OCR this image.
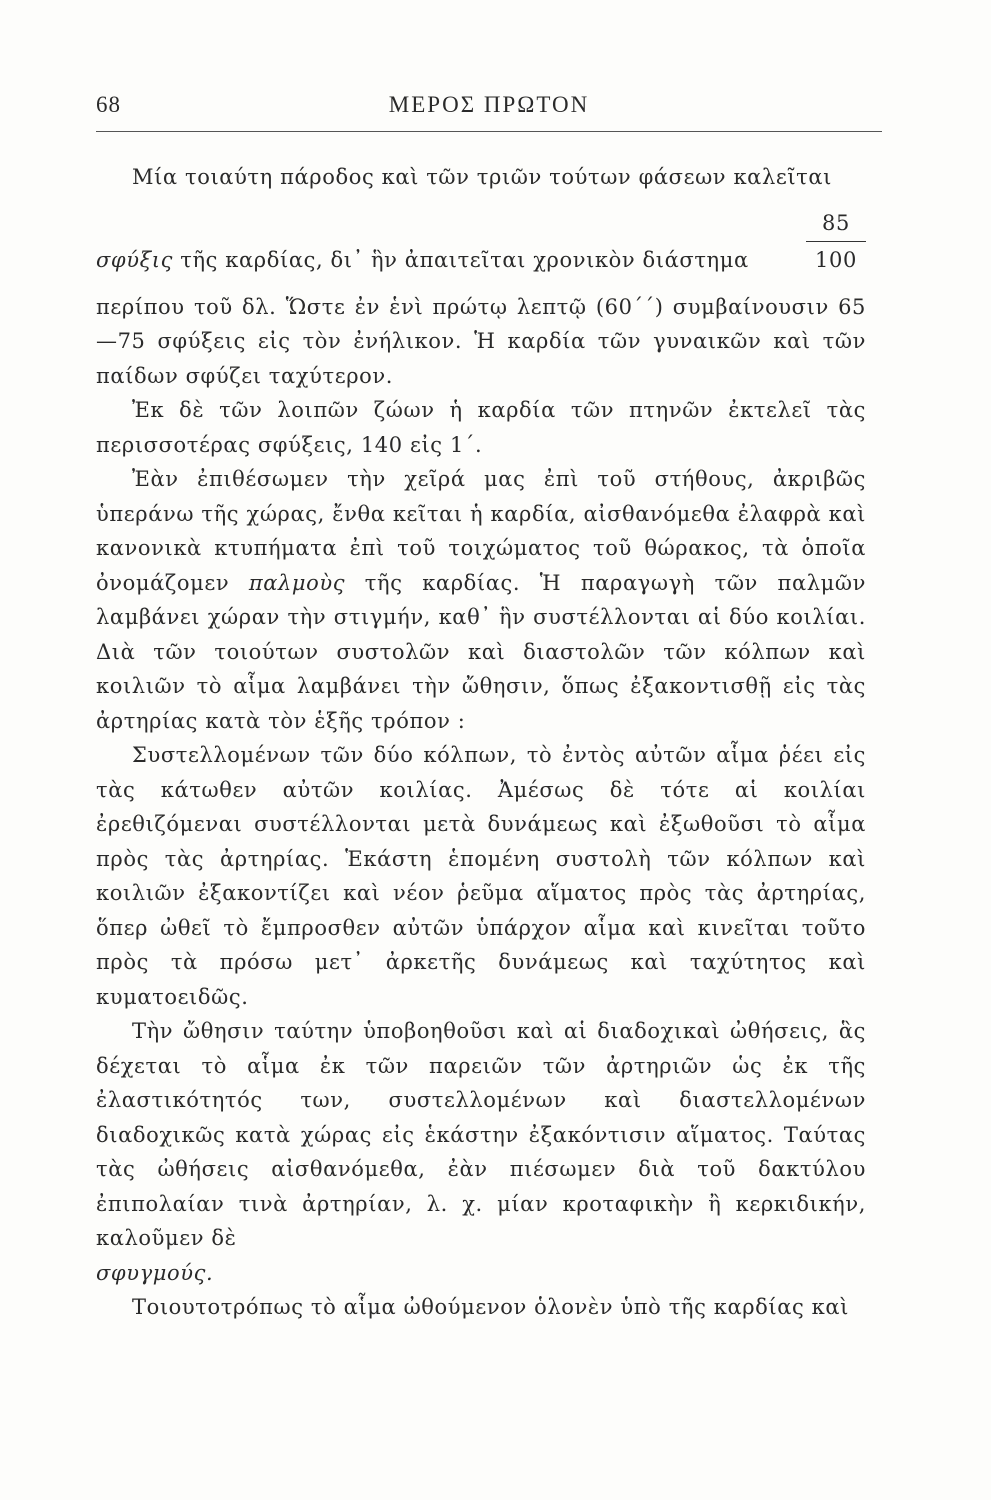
68	ΜΕΡΟΣ ΠΡΩΤΟΝ

Μία τοιαύτη πάροδος καὶ τῶν τριῶν τούτων φάσεων καλεῖται

σφύξις τῆς καρδίας, δι᾽ ἣν ἀπαιτεῖται χρονικὸν διάστημα
85
100

περίπου τοῦ δλ. Ὥστε ἐν ἑνὶ πρώτῳ λεπτῷ (60΄΄) συμβαίνουσιν 65—75 σφύξεις εἰς τὸν ἐνήλικον. Ἡ καρδία τῶν γυναικῶν καὶ τῶν παίδων σφύζει ταχύτερον.

Ἐκ δὲ τῶν λοιπῶν ζώων ἡ καρδία τῶν πτηνῶν ἐκτελεῖ τὰς περισσοτέρας σφύξεις, 140 εἰς 1΄.

Ἐὰν ἐπιθέσωμεν τὴν χεῖρά μας ἐπὶ τοῦ στήθους, ἀκριβῶς ὑπεράνω τῆς χώρας, ἔνθα κεῖται ἡ καρδία, αἰσθανόμεθα ἐλαφρὰ καὶ κανονικὰ κτυπήματα ἐπὶ τοῦ τοιχώματος τοῦ θώρακος, τὰ ὁποῖα ὀνομάζομεν παλμοὺς τῆς καρδίας. Ἡ παραγωγὴ τῶν παλμῶν λαμβάνει χώραν τὴν στιγμήν, καθ᾽ ἣν συστέλλονται αἱ δύο κοιλίαι. Διὰ τῶν τοιούτων συστολῶν καὶ διαστολῶν τῶν κόλπων καὶ κοιλιῶν τὸ αἷμα λαμβάνει τὴν ὤθησιν, ὅπως ἐξακοντισθῇ εἰς τὰς ἀρτηρίας κατὰ τὸν ἑξῆς τρόπον :

Συστελλομένων τῶν δύο κόλπων, τὸ ἐντὸς αὐτῶν αἷμα ῥέει εἰς τὰς κάτωθεν αὐτῶν κοιλίας. Ἀμέσως δὲ τότε αἱ κοιλίαι ἐρεθιζόμεναι συστέλλονται μετὰ δυνάμεως καὶ ἐξωθοῦσι τὸ αἷμα πρὸς τὰς ἀρτηρίας. Ἑκάστη ἑπομένη συστολὴ τῶν κόλπων καὶ κοιλιῶν ἐξακοντίζει καὶ νέον ῥεῦμα αἵματος πρὸς τὰς ἀρτηρίας, ὅπερ ὠθεῖ τὸ ἔμπροσθεν αὐτῶν ὑπάρχον αἷμα καὶ κινεῖται τοῦτο πρὸς τὰ πρόσω μετ᾽ ἀρκετῆς δυνάμεως καὶ ταχύτητος καὶ κυματοειδῶς.

Τὴν ὤθησιν ταύτην ὑποβοηθοῦσι καὶ αἱ διαδοχικαὶ ὠθήσεις, ἃς δέχεται τὸ αἷμα ἐκ τῶν παρειῶν τῶν ἀρτηριῶν ὡς ἐκ τῆς ἐλαστικότητός των, συστελλομένων καὶ διαστελλομένων διαδοχικῶς κατὰ χώρας εἰς ἑκάστην ἐξακόντισιν αἵματος. Ταύτας τὰς ὠθήσεις αἰσθανόμεθα, ἐὰν πιέσωμεν διὰ τοῦ δακτύλου ἐπιπολαίαν τινὰ ἀρτηρίαν, λ. χ. μίαν κροταφικὴν ἢ κερκιδικήν, καλοῦμεν δὲ
σφυγμούς.

Τοιουτοτρόπως τὸ αἷμα ὠθούμενον ὁλονὲν ὑπὸ τῆς καρδίας καὶ
